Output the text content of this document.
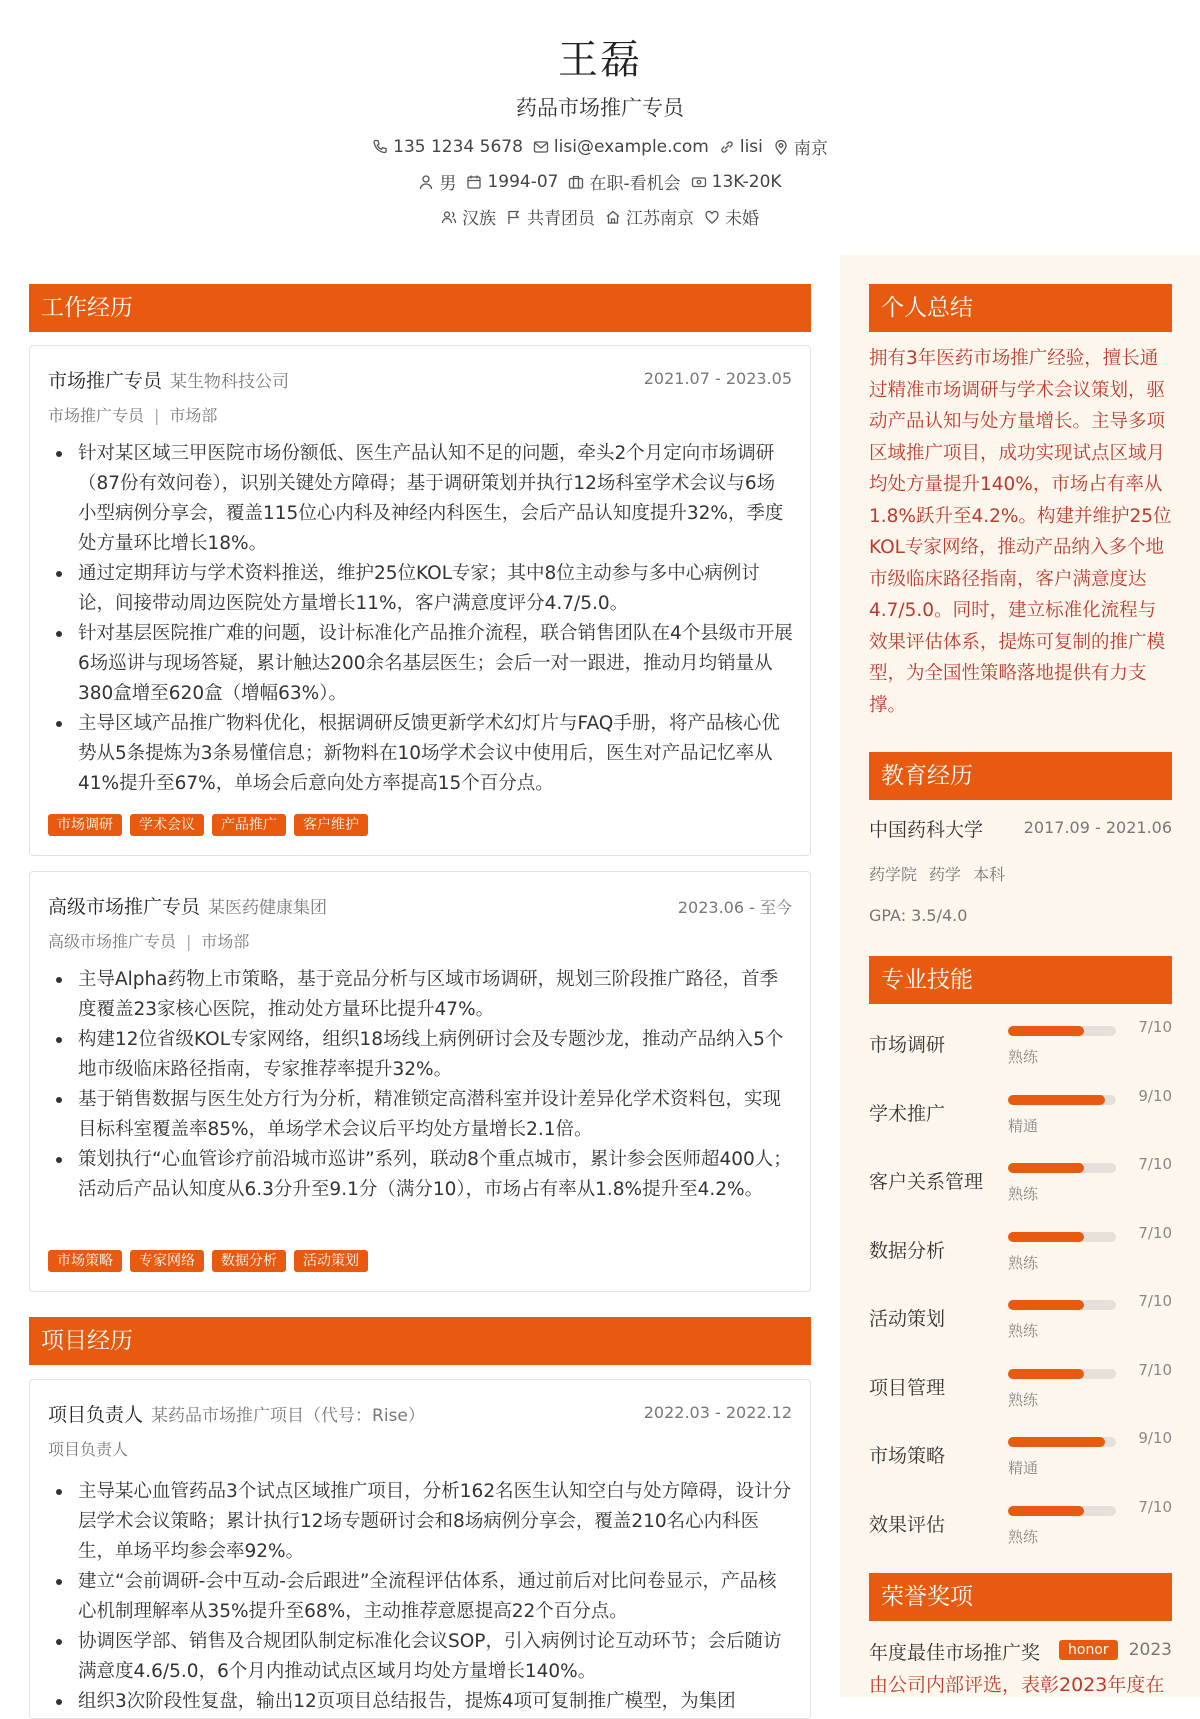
王磊
药品市场推广专员
135 1234 5678 lisi@example.com lisi 南京
男 1994-07 在职-看机会 13K-20K
汉族 共青团员 江苏南京 未婚
工作经历
市场推广专员 某生物科技公司	2021.07 - 2023.05
市场推广专员 | 市场部
针对某区域三甲医院市场份额低、医生产品认知不足的问题，牵头2个月定向市场调研（87份有效问卷），识别关键处方障碍；基于调研策划并执行12场科室学术会议与6场小型病例分享会，覆盖115位心内科及神经内科医生，会后产品认知度提升32%，季度处方量环比增长18%。
通过定期拜访与学术资料推送，维护25位KOL专家；其中8位主动参与多中心病例讨论，间接带动周边医院处方量增长11%，客户满意度评分4.7/5.0。
针对基层医院推广难的问题，设计标准化产品推介流程，联合销售团队在4个县级市开展6场巡讲与现场答疑，累计触达200余名基层医生；会后一对一跟进，推动月均销量从380盒增至620盒（增幅63%）。
主导区域产品推广物料优化，根据调研反馈更新学术幻灯片与FAQ手册，将产品核心优势从5条提炼为3条易懂信息；新物料在10场学术会议中使用后，医生对产品记忆率从41%提升至67%，单场会后意向处方率提高15个百分点。
市场调研	学术会议	产品推广	客户维护
高级市场推广专员 某医药健康集团	2023.06 - 至今
高级市场推广专员 | 市场部
主导Alpha药物上市策略，基于竞品分析与区域市场调研，规划三阶段推广路径，首季度覆盖23家核心医院，推动处方量环比提升47%。
构建12位省级KOL专家网络，组织18场线上病例研讨会及专题沙龙，推动产品纳入5个地市级临床路径指南，专家推荐率提升32%。
基于销售数据与医生处方行为分析，精准锁定高潜科室并设计差异化学术资料包，实现目标科室覆盖率85%，单场学术会议后平均处方量增长2.1倍。
策划执行“心血管诊疗前沿城市巡讲”系列，联动8个重点城市，累计参会医师超400人；活动后产品认知度从6.3分升至9.1分（满分10），市场占有率从1.8%提升至4.2%。
市场策略	专家网络	数据分析	活动策划
项目经历
项目负责人 某药品市场推广项目（代号：Rise）	2022.03 - 2022.12
项目负责人
主导某心血管药品3个试点区域推广项目，分析162名医生认知空白与处方障碍，设计分层学术会议策略；累计执行12场专题研讨会和8场病例分享会，覆盖210名心内科医生，单场平均参会率92%。
建立“会前调研-会中互动-会后跟进”全流程评估体系，通过前后对比问卷显示，产品核心机制理解率从35%提升至68%，主动推荐意愿提高22个百分点。
协调医学部、销售及合规团队制定标准化会议SOP，引入病例讨论互动环节；会后随访满意度4.6/5.0，6个月内推动试点区域月均处方量增长140%。
组织3次阶段性复盘，输出12页项目总结报告，提炼4项可复制推广模型，为集团
个人总结
拥有3年医药市场推广经验，擅长通过精准市场调研与学术会议策划，驱动产品认知与处方量增长。主导多项区域推广项目，成功实现试点区域月均处方量提升140%，市场占有率从1.8%跃升至4.2%。构建并维护25位KOL专家网络，推动产品纳入多个地市级临床路径指南，客户满意度达4.7/5.0。同时，建立标准化流程与效果评估体系，提炼可复制的推广模型，为全国性策略落地提供有力支撑。
教育经历
中国药科大学	2017.09 - 2021.06
药学院 药学 本科
GPA: 3.5/4.0
专业技能
市场调研
7/10
熟练
学术推广
9/10
精通
客户关系管理
7/10
熟练
数据分析
7/10
熟练
活动策划
7/10
熟练
项目管理
7/10
熟练
市场策略
9/10
精通
效果评估
7/10
熟练
荣誉奖项
年度最佳市场推广奖	honor	2023
由公司内部评选，表彰2023年度在
